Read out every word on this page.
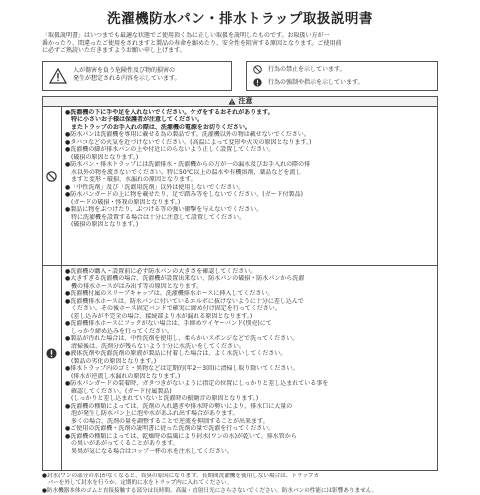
洗濯機防水パン・排水トラップ取扱説明書
「取扱説明書」はいつまでも最適な状態でご使用頂く為に正しい取扱を説明したものです。お取扱い方が一
番かったり、間違ったご使用をされますと製品の寿命を縮めたり、安全性を阻害する原因となります。ご使用前
に必ずご熟読いただきますようお願い申し上げます。
人が傷害を負う危険性及び物的損害の
発生が想定される内容を示しています。
行為の禁止を示しています。
行為の強制や指示を示しています。
注意
●洗濯機の下に手や足を入れないでください。ケガをするおそれがあります。
　特に小さいお子様は保護者が注意してください。
　またトラップのお手入れの際は、洗濯機の電源をお切りください。
●防水パンは洗濯機を専用に載せる為の製品です。洗濯機以外の物は載せないでください。
●タバコなどの火気を近づけないでください。(高温によって変形や火災の原因となります。)
●洗濯機の脚が排水パンの上や付近にのらないよう正しく設置してください。
　(破損の原因となります。)
●防水パン・排水トラップには洗濯排水・洗濯機からの万が一の漏水及びお手入れの際の排
　水以外の物を流さないでください。特に50℃以上の温水や有機溶剤、薬品などを流し
　ますと変形・破損、水漏れの原因となります。
●「中性洗剤」及び「洗濯用洗剤」以外は使用しないでください。
●防水パンガードの上に物を載せたり、足で踏み等をしないでください。(ガード付製品)
　(ガードの破損・怪我の原因となります。)
●製品に物をぶつけたり、ぶつける等の強い衝撃を与えないでください。
　特に洗濯機を設置する場合は十分に注意して設置してください。
　(破損の原因となります。)
●洗濯機の購入・設置前に必ず防水パンの大きさを確認してください。
●大きすぎる洗濯機の場合、洗濯機が設置出来ない、防水パンの破損・防水パンから洗濯
　機の排水ホースがはみ出す等の原因となります。
●洗濯機付属のスリーブキャップは、洗濯機排水ホースに挿入してください。
●洗濯機排水ホースは、防水パンに付いているエルボに抜けないように十分に差し込んで
　ください。その後ホース固定バンドで確実に締め付け固定を行ってください。
　(差し込みが不完全の場合、接続部より水が漏れる原因となります。)
●洗濯機排水ホースにフックがない場合は、手締めワイヤーバンド(別売)にて
　しっかり締め込みを行ってください。
●製品が汚れた場合は、中性洗剤を使用し、柔らかいスポンジなどで洗ってください。
　清掃後は、洗剤分が残らないよう十分に水洗いをしてください。
●液体洗剤や洗濯洗剤の原液が製品に付着した場合は、よく水洗いしてください。
　(製品の劣化の原因となります。)
●排水トラップ内のゴミ・異物などは定期的(年2〜3回)に清掃し取り除いてください。
　(排水が逆流し水漏れの原因となります。)
●防水パンガードの装着時、ガタつきがないように指定の位置にしっかりと差し込まれている事を
　確認してください。(ガード付属製品)
　(しっかりと差し込まれていないと洗濯時の振動音の原因となります。)
●洗濯機の種類によっては、洗剤の入れ過ぎや排水時の勢いにより、排水口に大量の
　泡が発生し防水パン上に泡や水があふれ出す場合があります。
　多くの場合、洗剤の量を調整することで逆流を抑制することが出来ます。
●ご使用の洗濯機・洗剤の説明書に従った洗剤の量で洗濯を行ってください。
●洗濯機の種類によっては、乾燥時の温風により封水(ワンの水)が乾いて、排水管から
　の臭いがあがってくることがあります。
　異臭が気になる場合はコップ一杯の水を注水してください。
●封水(ワンの部分の水)がなくなると、異臭の原因になります。長期間洗濯機を使用しない場合は、トラップカ
　バーを外して封水を行うか、定期的に水をトラップ内に入れてください。
●防水機器本体のゴムと直接接触する部分は長時間、高温・直射日光にさらさないでください。防水パンの性能には影響ありません。
